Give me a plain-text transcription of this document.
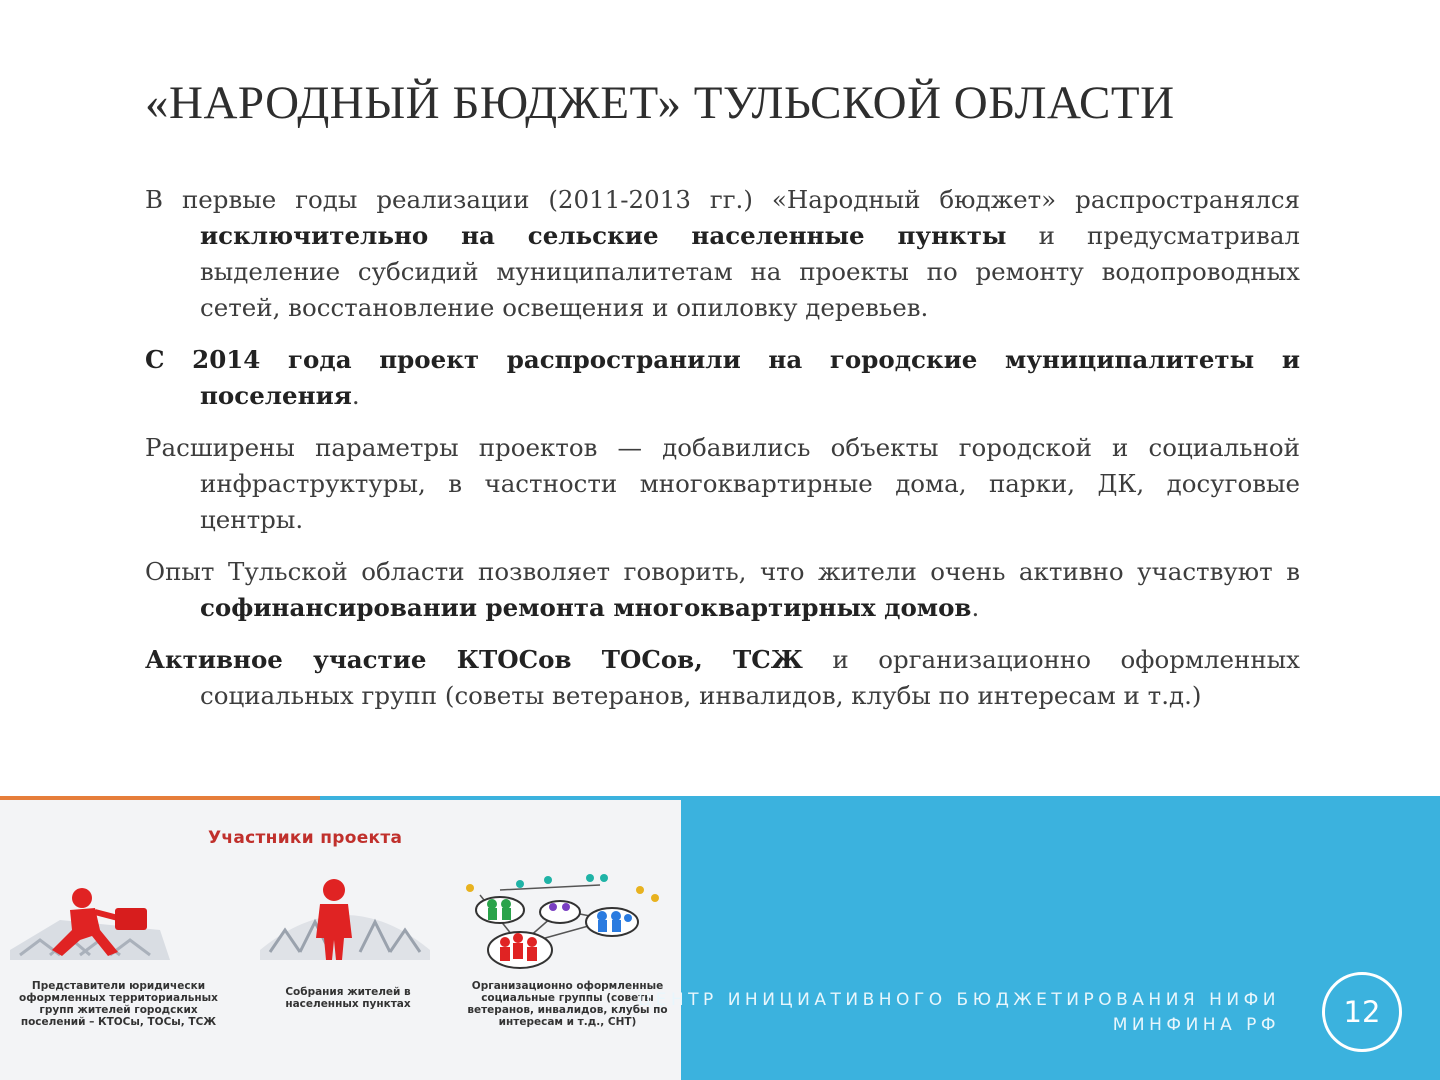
«НАРОДНЫЙ БЮДЖЕТ» ТУЛЬСКОЙ ОБЛАСТИ

В первые годы реализации (2011-2013 гг.) «Народный бюджет» распространялся исключительно на сельские населенные пункты и предусматривал выделение субсидий муниципалитетам на проекты по ремонту водопроводных сетей, восстановление освещения и опиловку деревьев.

С 2014 года проект распространили на городские муниципалитеты и поселения.

Расширены параметры проектов — добавились объекты городской и социальной инфраструктуры, в частности многоквартирные дома, парки, ДК, досуговые центры.

Опыт Тульской области позволяет говорить, что жители очень активно участвуют в софинансировании ремонта многоквартирных домов.

Активное участие КТОСов ТОСов, ТСЖ и организационно оформленных социальных групп (советы ветеранов, инвалидов, клубы по интересам и т.д.)

Участники проекта
Представители юридически оформленных территориальных групп жителей городских поселений – КТОСы, ТОСы, ТСЖ
Собрания жителей в населенных пунктах
Организационно оформленные социальные группы (советы ветеранов, инвалидов, клубы по интересам и т.д., СНТ)
ЦЕНТР ИНИЦИАТИВНОГО БЮДЖЕТИРОВАНИЯ НИФИ
МИНФИНА РФ	12
